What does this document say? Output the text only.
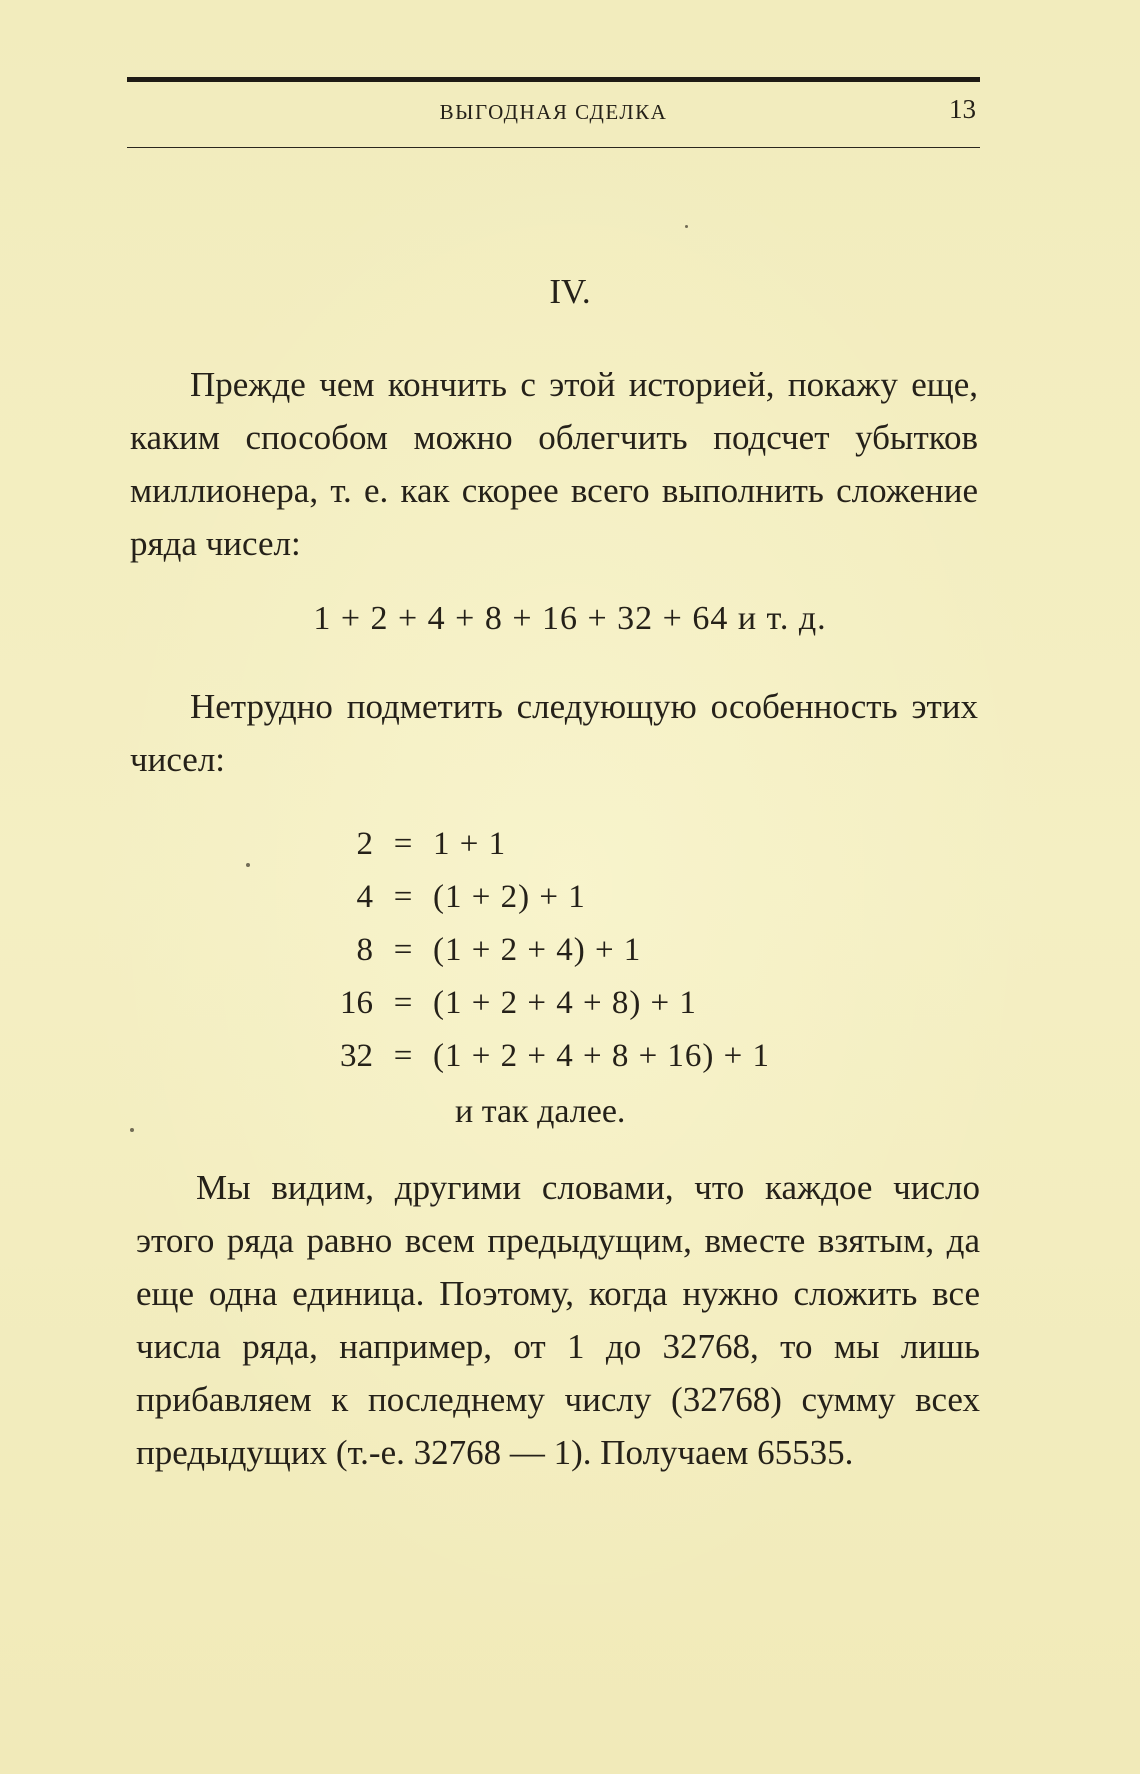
ВЫГОДНАЯ СДЕЛКА	13
IV.
Прежде чем кончить с этой историей, покажу еще, каким способом можно облегчить подсчет убытков миллионера, т. е. как скорее всего выполнить сложение ряда чисел:
1 + 2 + 4 + 8 + 16 + 32 + 64 и т. д.
Нетрудно подметить следующую особенность этих чисел:
2 = 1 + 1
4 = (1 + 2) + 1
8 = (1 + 2 + 4) + 1
16 = (1 + 2 + 4 + 8) + 1
32 = (1 + 2 + 4 + 8 + 16) + 1
и так далее.
Мы видим, другими словами, что каждое число этого ряда равно всем предыдущим, вместе взятым, да еще одна единица. Поэтому, когда нужно сложить все числа ряда, например, от 1 до 32768, то мы лишь прибавляем к последнему числу (32768) сумму всех предыдущих (т.-е. 32768 — 1). Получаем 65535.
